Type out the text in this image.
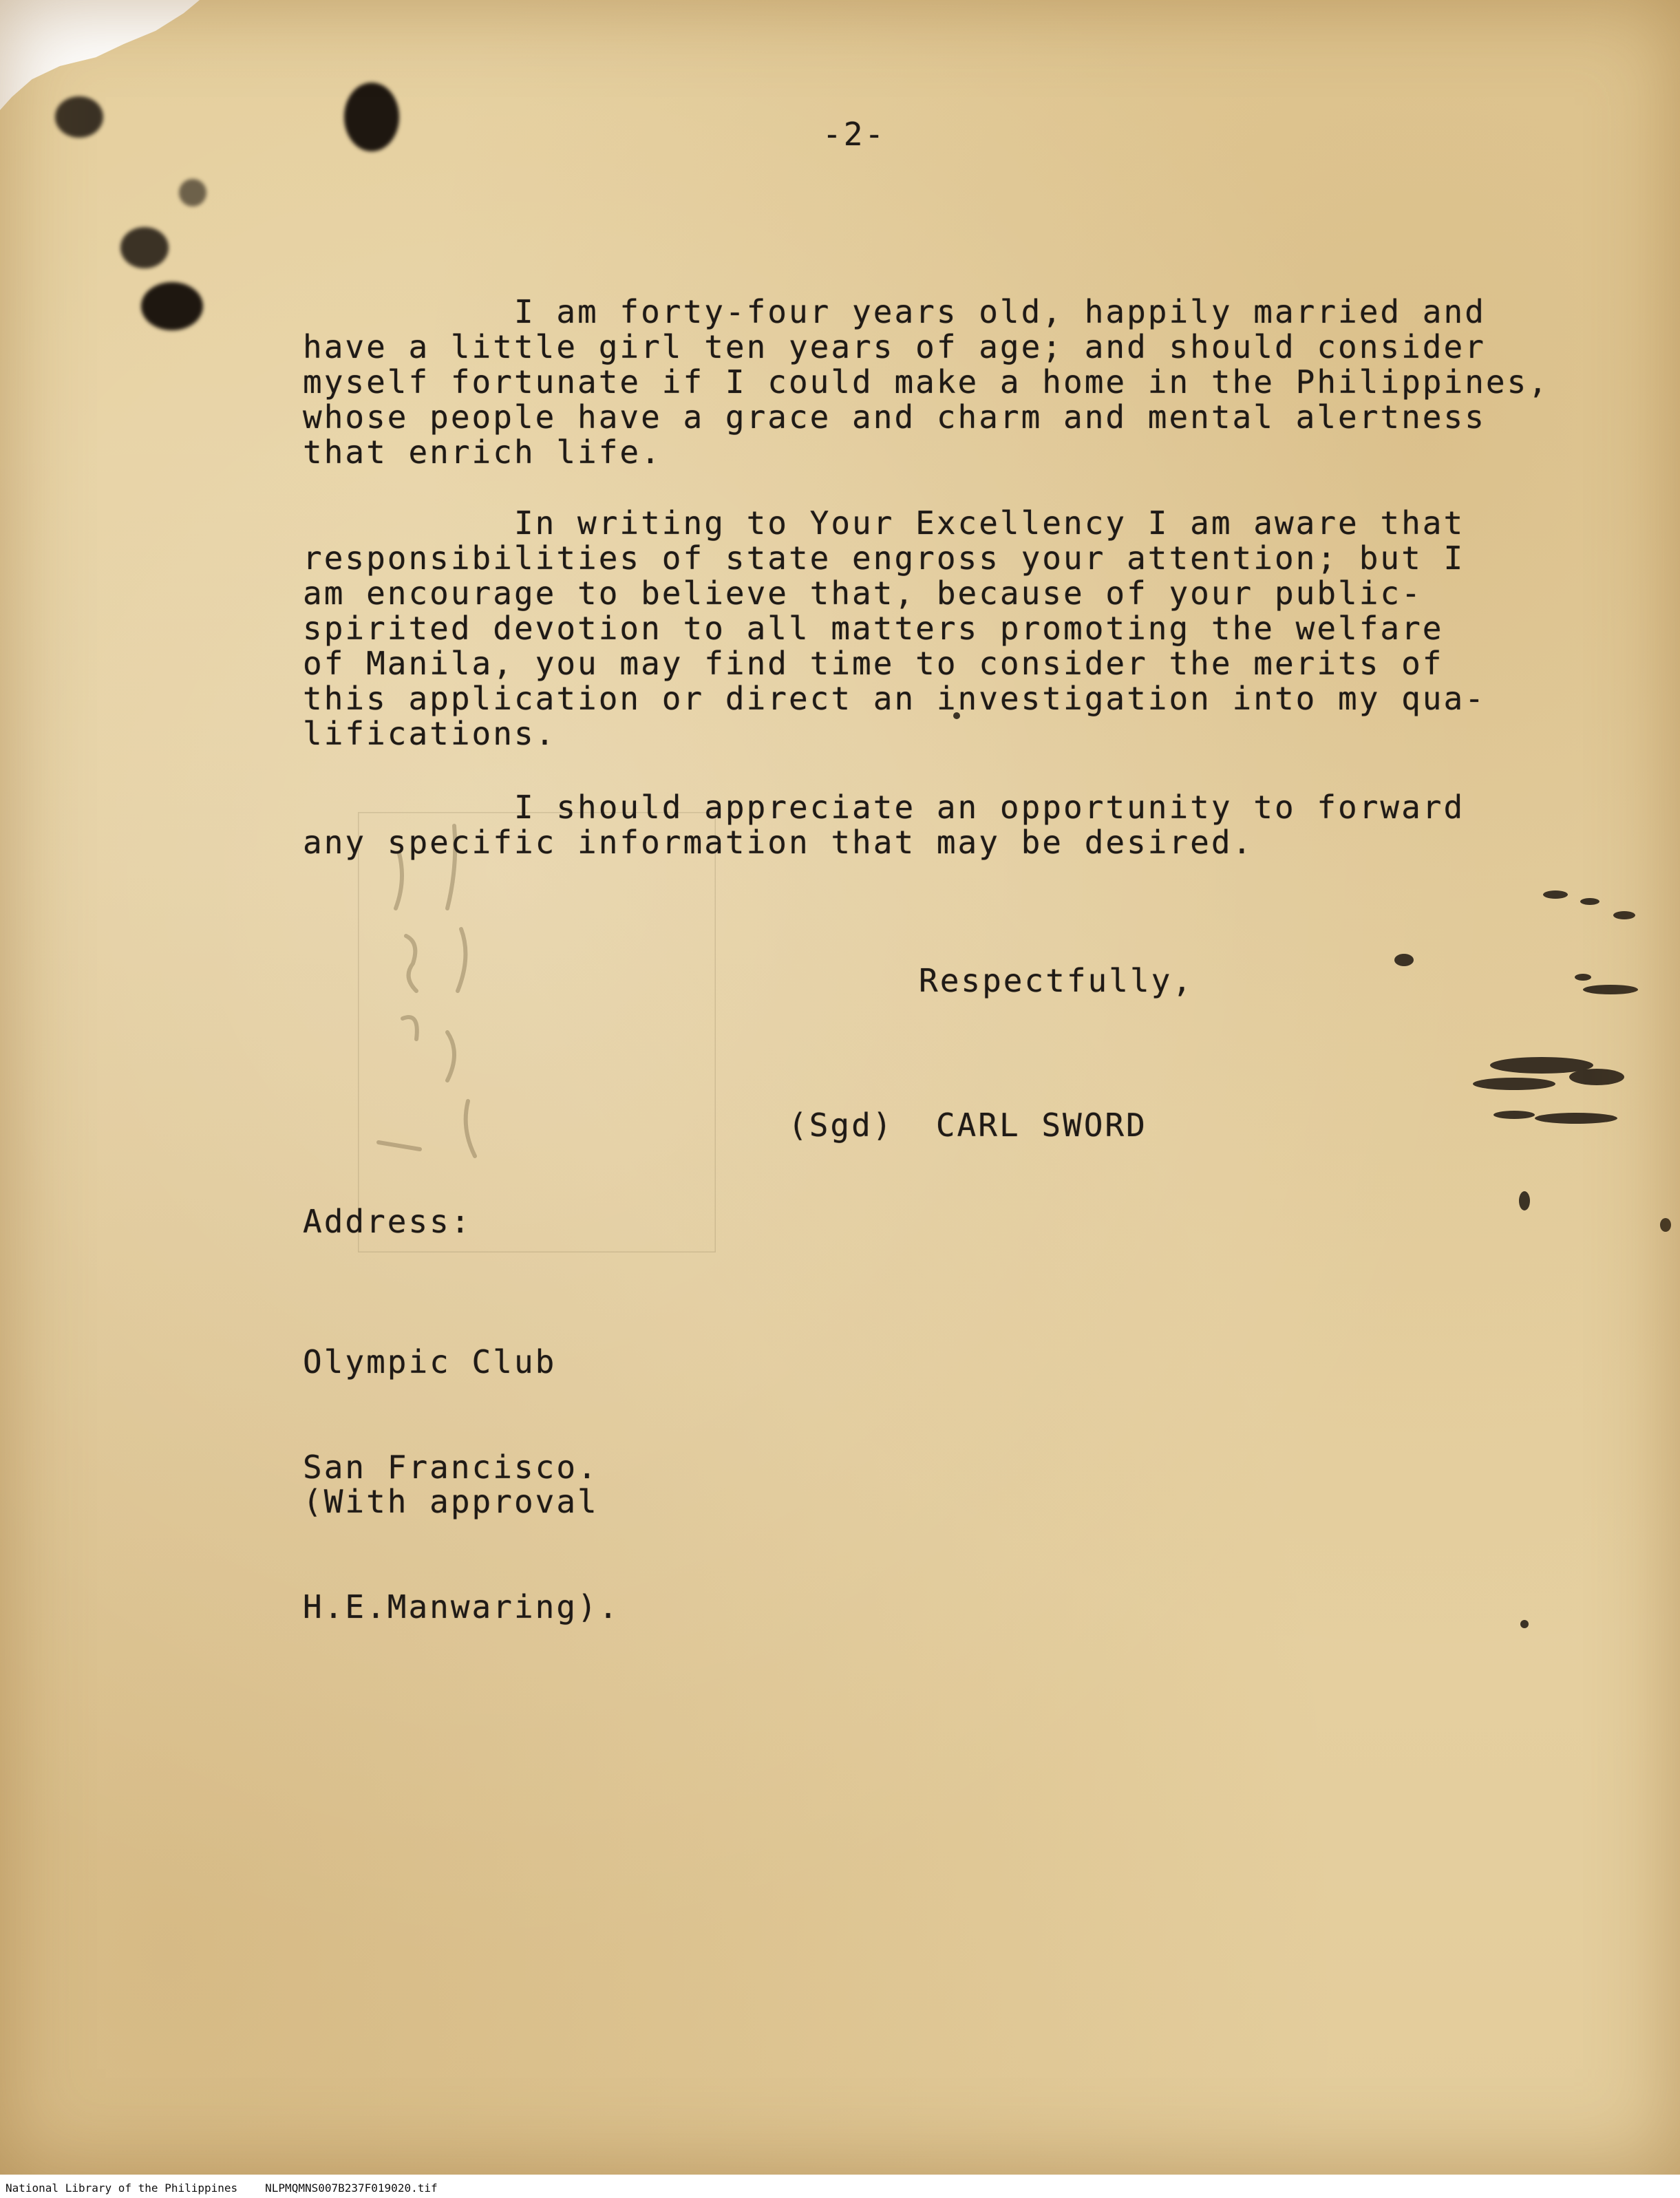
-2-
I am forty-four years old, happily married and
have a little girl ten years of age; and should consider
myself fortunate if I could make a home in the Philippines,
whose people have a grace and charm and mental alertness
that enrich life.
In writing to Your Excellency I am aware that
responsibilities of state engross your attention; but I
am encourage to believe that, because of your public-
spirited devotion to all matters promoting the welfare
of Manila, you may find time to consider the merits of
this application or direct an investigation into my qua-
lifications.
I should appreciate an opportunity to forward
any specific information that may be desired.
Respectfully,
(Sgd)  CARL SWORD
Address:

Olympic Club

San Francisco.

(With approval

H.E.Manwaring).

National Library of the Philippines	NLPMQMNS007B237F019020.tif
